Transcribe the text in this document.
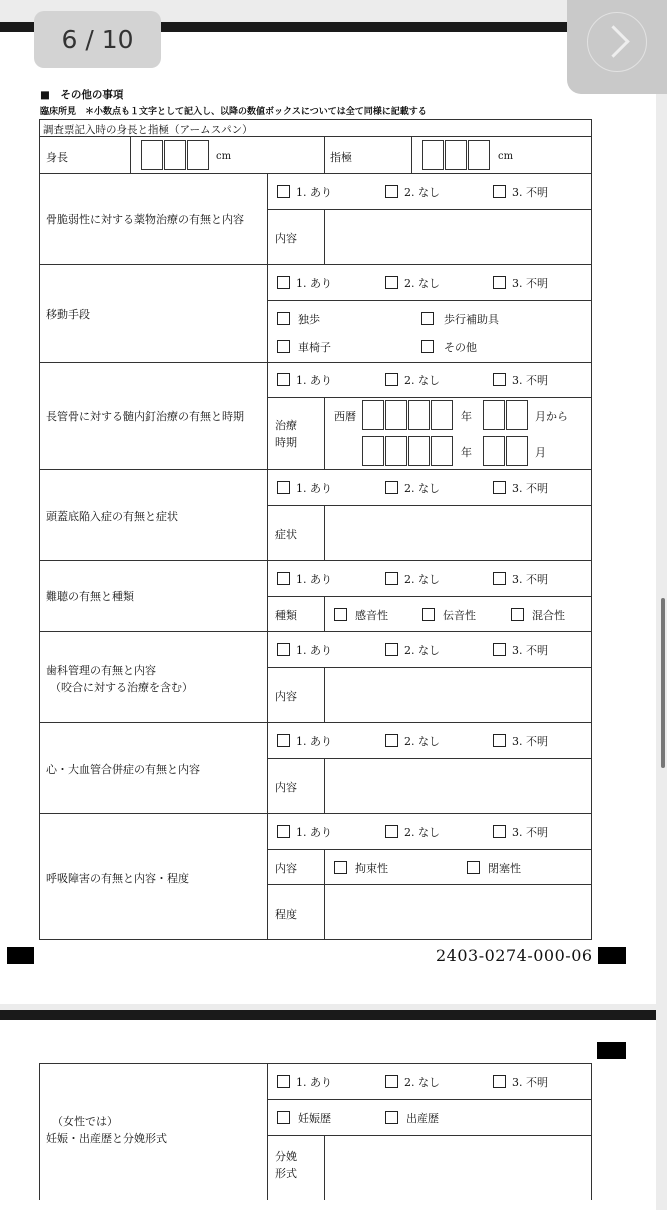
6 / 10
■　その他の事項
臨床所見　＊小数点も１文字として記入し、以降の数値ボックスについては全て同様に記載する
調査票記入時の身長と指極（アームスパン）
身長	cm	指極	cm
骨脆弱性に対する薬物治療の有無と内容
1. あり	2. なし	3. 不明
内容
移動手段
1. あり	2. なし	3. 不明
独歩	歩行補助具
車椅子	その他
長管骨に対する髄内釘治療の有無と時期
1. あり	2. なし	3. 不明
治療
時期
西暦	年	月から
年	月
頭蓋底陥入症の有無と症状
1. あり	2. なし	3. 不明
症状
難聴の有無と種類
1. あり	2. なし	3. 不明
種類	感音性	伝音性	混合性
歯科管理の有無と内容
（咬合に対する治療を含む）
1. あり	2. なし	3. 不明
内容
心・大血管合併症の有無と内容
1. あり	2. なし	3. 不明
内容
呼吸障害の有無と内容・程度
1. あり	2. なし	3. 不明
内容	拘束性	閉塞性
程度
2403-0274-000-06
（女性では）
妊娠・出産歴と分娩形式
1. あり	2. なし	3. 不明
妊娠歴	出産歴
分娩
形式
